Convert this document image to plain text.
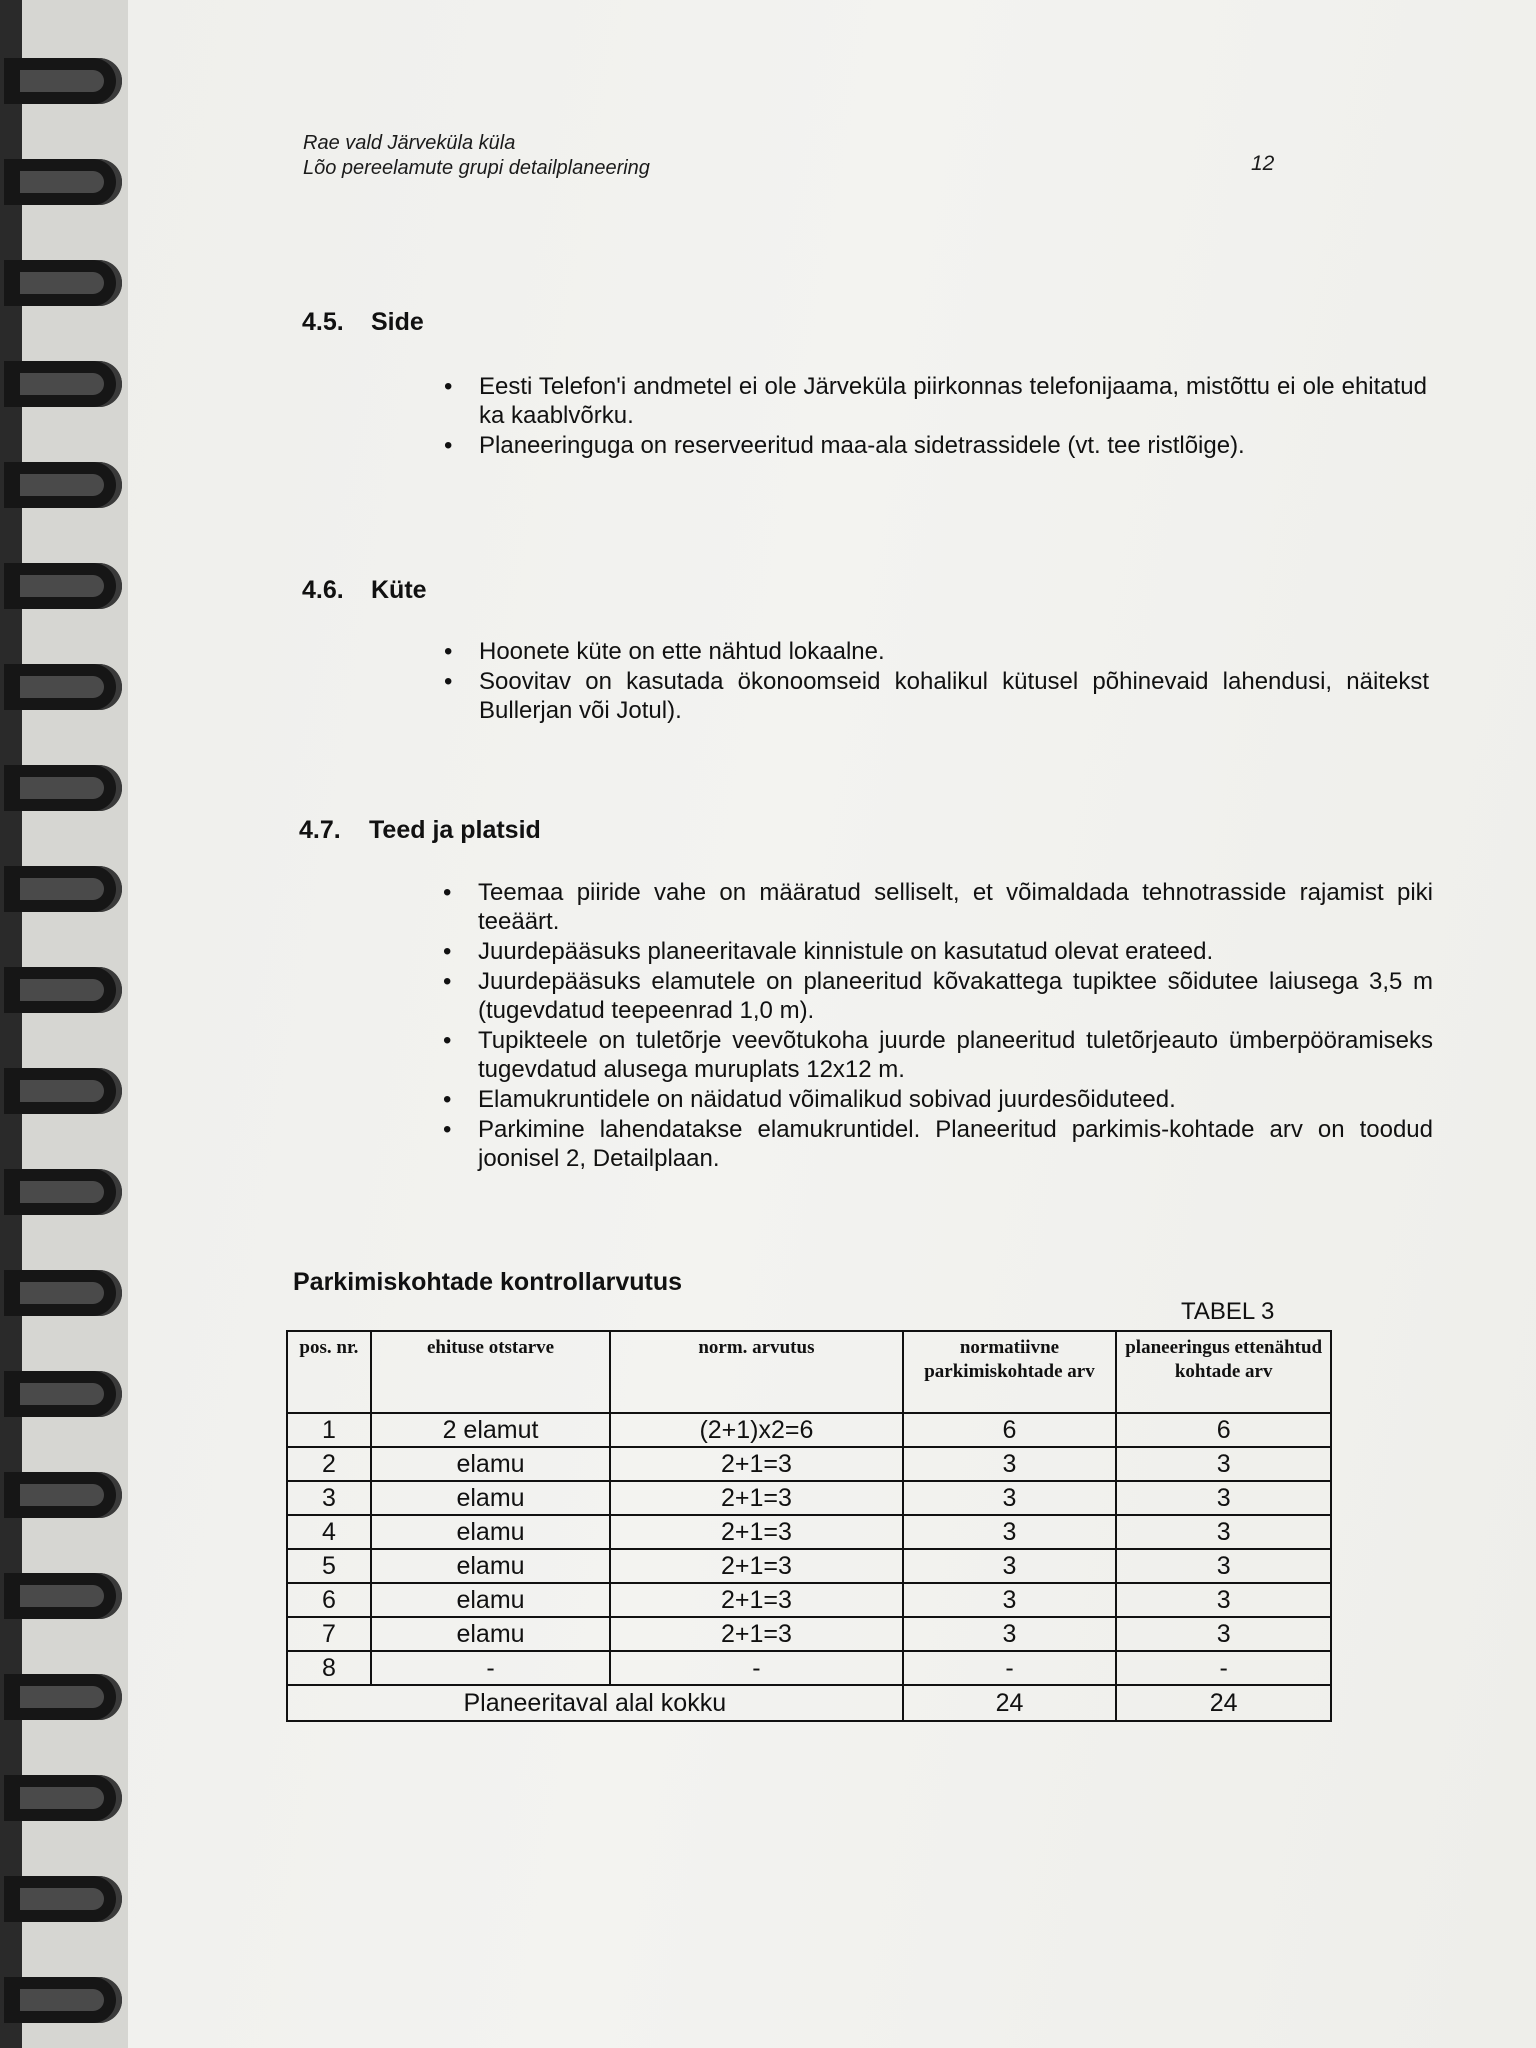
Rae vald Järveküla küla
Lõo pereelamute grupi detailplaneering	12
4.5. Side
• Eesti Telefon'i andmetel ei ole Järveküla piirkonnas telefonijaama, mistõttu ei ole ehitatud ka kaablvõrku.
• Planeeringuga on reserveeritud maa-ala sidetrassidele (vt. tee ristlõige).
4.6. Küte
• Hoonete küte on ette nähtud lokaalne.
• Soovitav on kasutada ökonoomseid kohalikul kütusel põhinevaid lahendusi, näitekst Bullerjan või Jotul).
4.7. Teed ja platsid
• Teemaa piiride vahe on määratud selliselt, et võimaldada tehnotrasside rajamist piki teeäärt.
• Juurdepääsuks planeeritavale kinnistule on kasutatud olevat erateed.
• Juurdepääsuks elamutele on planeeritud kõvakattega tupiktee sõidutee laiusega 3,5 m (tugevdatud teepeenrad 1,0 m).
• Tupikteele on tuletõrje veevõtukoha juurde planeeritud tuletõrjeauto ümberpööramiseks tugevdatud alusega muruplats 12x12 m.
• Elamukruntidele on näidatud võimalikud sobivad juurdesõiduteed.
• Parkimine lahendatakse elamukruntidel. Planeeritud parkimis-kohtade arv on toodud joonisel 2, Detailplaan.
Parkimiskohtade kontrollarvutus
TABEL 3
pos. nr.	ehituse otstarve	norm. arvutus	normatiivne parkimiskohtade arv	planeeringus ettenähtud kohtade arv
1	2 elamut	(2+1)x2=6	6	6
2	elamu	2+1=3	3	3
3	elamu	2+1=3	3	3
4	elamu	2+1=3	3	3
5	elamu	2+1=3	3	3
6	elamu	2+1=3	3	3
7	elamu	2+1=3	3	3
8	-	-	-	-
Planeeritaval alal kokku			24	24
